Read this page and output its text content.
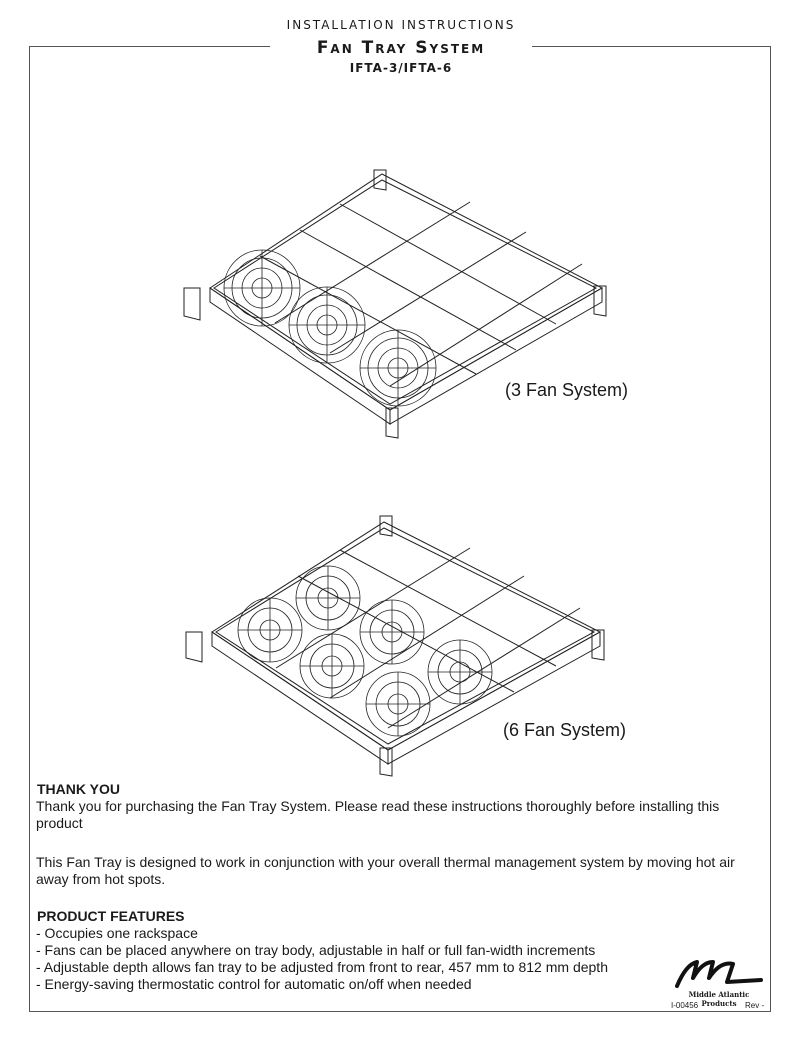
INSTALLATION INSTRUCTIONS
Fan Tray System
IFTA-3/IFTA-6
(3 Fan System)
(6 Fan System)
THANK YOU
Thank you for purchasing the Fan Tray System. Please read these instructions thoroughly before installing this product
This Fan Tray is designed to work in conjunction with your overall thermal management system by moving hot air away from hot spots.
PRODUCT FEATURES
- Occupies one rackspace
- Fans can be placed anywhere on tray body, adjustable in half or full fan-width increments
- Adjustable depth allows fan tray to be adjusted from front to rear, 457 mm to 812 mm depth
- Energy-saving thermostatic control for automatic on/off when needed
Middle Atlantic Products
I-00456	Rev -
